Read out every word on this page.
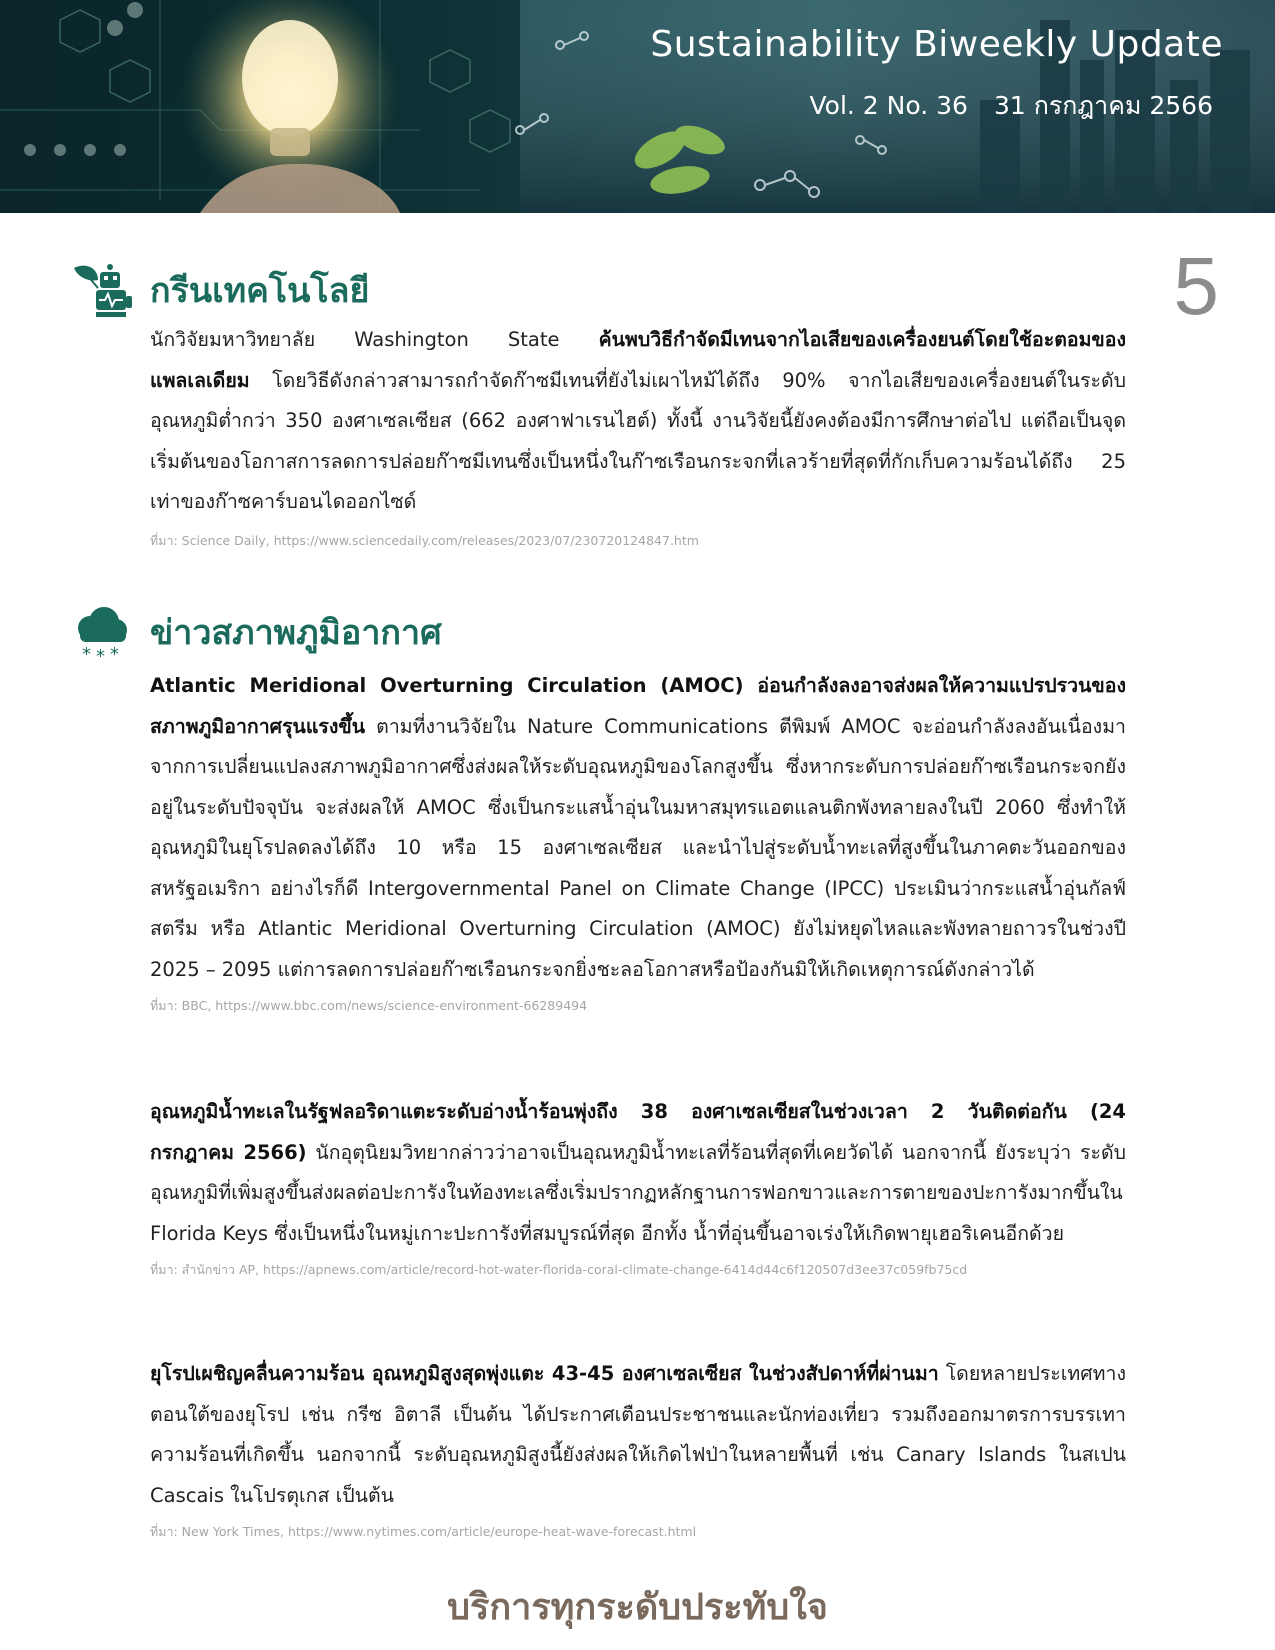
Sustainability Biweekly Update
Vol. 2 No. 36 31 กรกฎาคม 2566
5
กรีนเทคโนโลยี

นักวิจัยมหาวิทยาลัย Washington State ค้นพบวิธีกำจัดมีเทนจากไอเสียของเครื่องยนต์โดยใช้อะตอมของแพลเลเดียม โดยวิธีดังกล่าวสามารถกำจัดก๊าซมีเทนที่ยังไม่เผาไหม้ได้ถึง 90% จากไอเสียของเครื่องยนต์ในระดับอุณหภูมิต่ำกว่า 350 องศาเซลเซียส (662 องศาฟาเรนไฮต์) ทั้งนี้ งานวิจัยนี้ยังคงต้องมีการศึกษาต่อไป แต่ถือเป็นจุดเริ่มต้นของโอกาสการลดการปล่อยก๊าซมีเทนซึ่งเป็นหนึ่งในก๊าซเรือนกระจกที่เลวร้ายที่สุดที่กักเก็บความร้อนได้ถึง 25 เท่าของก๊าซคาร์บอนไดออกไซด์

ที่มา: Science Daily, https://www.sciencedaily.com/releases/2023/07/230720124847.htm

* * *
ข่าวสภาพภูมิอากาศ

Atlantic Meridional Overturning Circulation (AMOC) อ่อนกำลังลงอาจส่งผลให้ความแปรปรวนของสภาพภูมิอากาศรุนแรงขึ้น ตามที่งานวิจัยใน Nature Communications ตีพิมพ์ AMOC จะอ่อนกำลังลงอันเนื่องมาจากการเปลี่ยนแปลงสภาพภูมิอากาศซึ่งส่งผลให้ระดับอุณหภูมิของโลกสูงขึ้น ซึ่งหากระดับการปล่อยก๊าซเรือนกระจกยังอยู่ในระดับปัจจุบัน จะส่งผลให้ AMOC ซึ่งเป็นกระแสน้ำอุ่นในมหาสมุทรแอตแลนติกพังทลายลงในปี 2060 ซึ่งทำให้อุณหภูมิในยุโรปลดลงได้ถึง 10 หรือ 15 องศาเซลเซียส และนำไปสู่ระดับน้ำทะเลที่สูงขึ้นในภาคตะวันออกของสหรัฐอเมริกา อย่างไรก็ดี Intergovernmental Panel on Climate Change (IPCC) ประเมินว่ากระแสน้ำอุ่นกัลฟ์สตรีม หรือ Atlantic Meridional Overturning Circulation (AMOC) ยังไม่หยุดไหลและพังทลายถาวรในช่วงปี 2025 – 2095 แต่การลดการปล่อยก๊าซเรือนกระจกยิ่งชะลอโอกาสหรือป้องกันมิให้เกิดเหตุการณ์ดังกล่าวได้

ที่มา: BBC, https://www.bbc.com/news/science-environment-66289494

อุณหภูมิน้ำทะเลในรัฐฟลอริดาแตะระดับอ่างน้ำร้อนพุ่งถึง 38 องศาเซลเซียสในช่วงเวลา 2 วันติดต่อกัน (24 กรกฎาคม 2566) นักอุตุนิยมวิทยากล่าวว่าอาจเป็นอุณหภูมิน้ำทะเลที่ร้อนที่สุดที่เคยวัดได้ นอกจากนี้ ยังระบุว่า ระดับอุณหภูมิที่เพิ่มสูงขึ้นส่งผลต่อปะการังในท้องทะเลซึ่งเริ่มปรากฏหลักฐานการฟอกขาวและการตายของปะการังมากขึ้นใน Florida Keys ซึ่งเป็นหนึ่งในหมู่เกาะปะการังที่สมบูรณ์ที่สุด อีกทั้ง น้ำที่อุ่นขึ้นอาจเร่งให้เกิดพายุเฮอริเคนอีกด้วย

ที่มา: สำนักข่าว AP, https://apnews.com/article/record-hot-water-florida-coral-climate-change-6414d44c6f120507d3ee37c059fb75cd

ยุโรปเผชิญคลื่นความร้อน อุณหภูมิสูงสุดพุ่งแตะ 43-45 องศาเซลเซียส ในช่วงสัปดาห์ที่ผ่านมา โดยหลายประเทศทางตอนใต้ของยุโรป เช่น กรีซ อิตาลี เป็นต้น ได้ประกาศเตือนประชาชนและนักท่องเที่ยว รวมถึงออกมาตรการบรรเทาความร้อนที่เกิดขึ้น นอกจากนี้ ระดับอุณหภูมิสูงนี้ยังส่งผลให้เกิดไฟป่าในหลายพื้นที่ เช่น Canary Islands ในสเปน Cascais ในโปรตุเกส เป็นต้น

ที่มา: New York Times, https://www.nytimes.com/article/europe-heat-wave-forecast.html

บริการทุกระดับประทับใจ
